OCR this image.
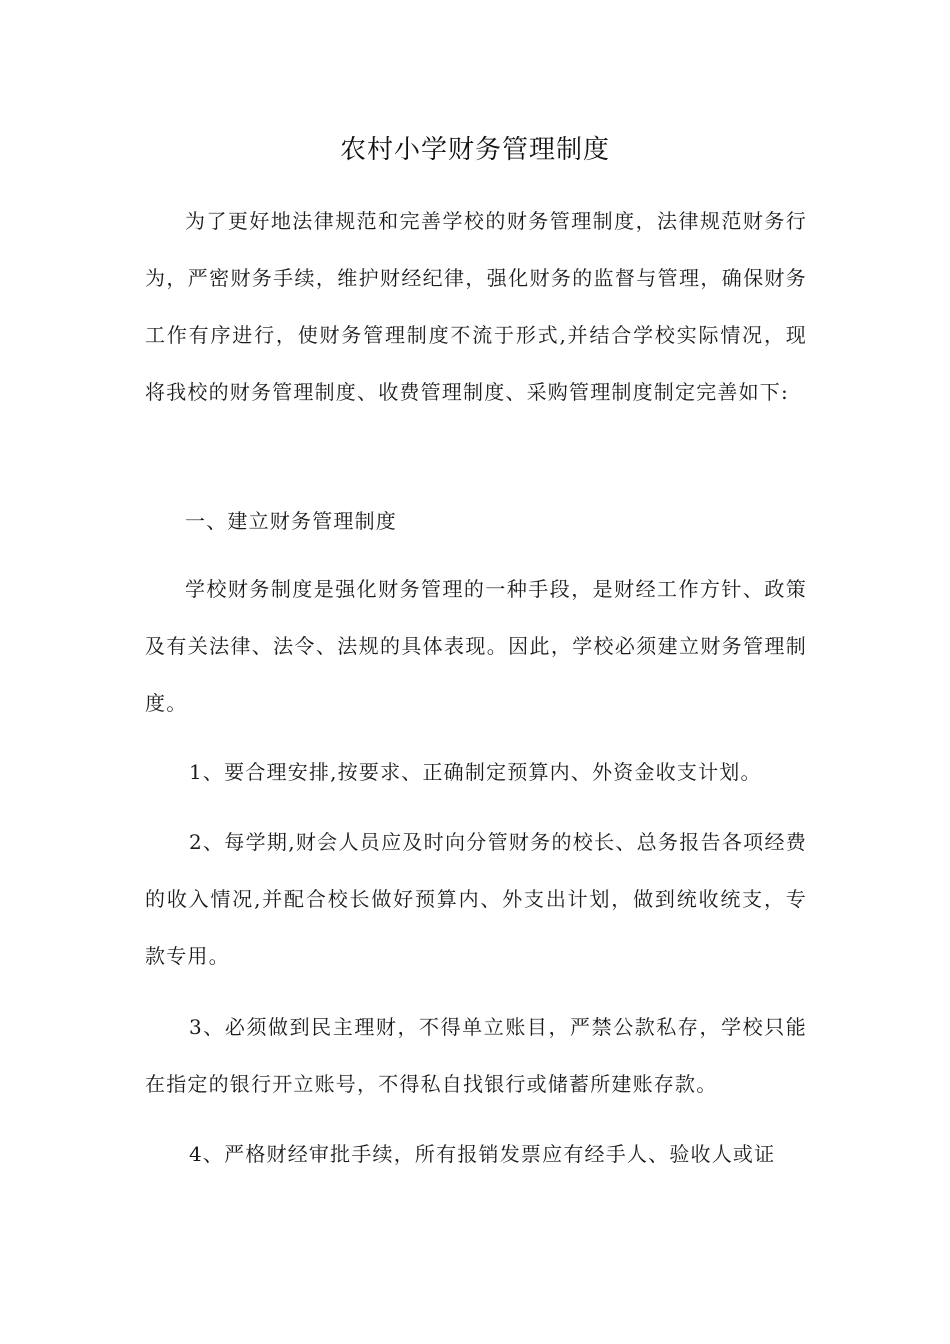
农村小学财务管理制度

为了更好地法律规范和完善学校的财务管理制度，法律规范财务行为，严密财务手续，维护财经纪律，强化财务的监督与管理，确保财务工作有序进行，使财务管理制度不流于形式,并结合学校实际情况，现将我校的财务管理制度、收费管理制度、采购管理制度制定完善如下:

一、建立财务管理制度

学校财务制度是强化财务管理的一种手段，是财经工作方针、政策及有关法律、法令、法规的具体表现。因此，学校必须建立财务管理制度。

1、要合理安排,按要求、正确制定预算内、外资金收支计划。

2、每学期,财会人员应及时向分管财务的校长、总务报告各项经费的收入情况,并配合校长做好预算内、外支出计划，做到统收统支，专款专用。

3、必须做到民主理财，不得单立账目，严禁公款私存，学校只能在指定的银行开立账号，不得私自找银行或储蓄所建账存款。

4、严格财经审批手续，所有报销发票应有经手人、验收人或证
